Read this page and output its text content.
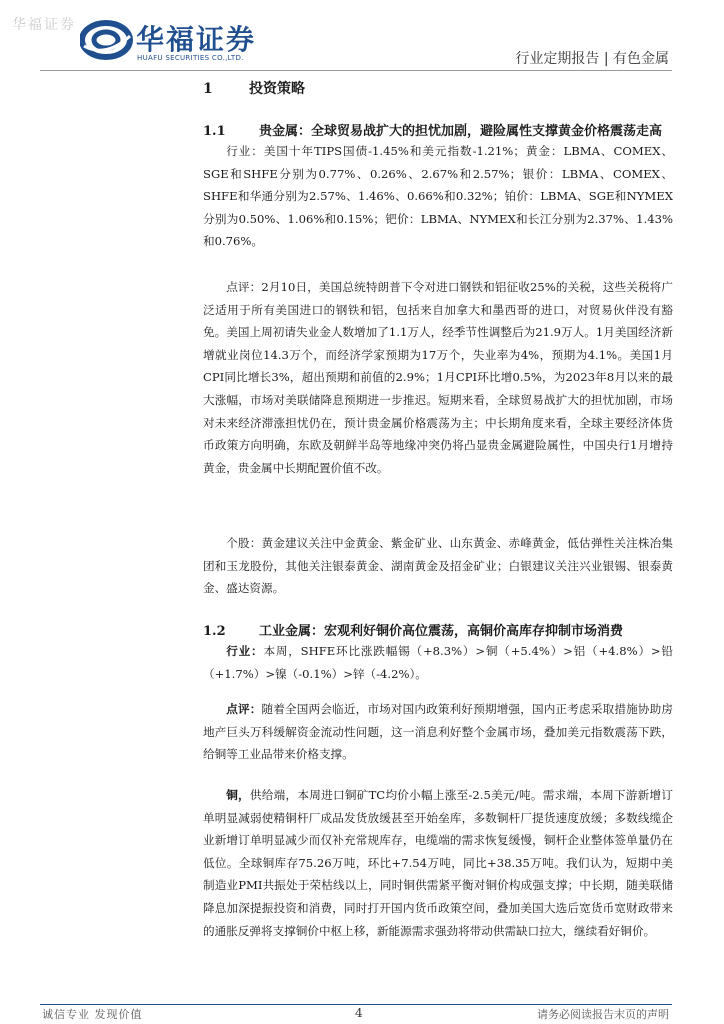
华福证券 华福证券
HUAFU SECURITIES CO.,LTD.	行业定期报告 | 有色金属
1	投资策略
1.1	贵金属：全球贸易战扩大的担忧加剧，避险属性支撑黄金价格震荡走高

行业：美国十年TIPS国债-1.45%和美元指数-1.21%；黄金：LBMA、COMEX、SGE和SHFE分别为0.77%、0.26%、2.67%和2.57%；银价：LBMA、COMEX、SHFE和华通分别为2.57%、1.46%、0.66%和0.32%；铂价：LBMA、SGE和NYMEX分别为0.50%、1.06%和0.15%；钯价：LBMA、NYMEX和长江分别为2.37%、1.43%和0.76%。

点评：2月10日，美国总统特朗普下令对进口钢铁和铝征收25%的关税，这些关税将广泛适用于所有美国进口的钢铁和铝，包括来自加拿大和墨西哥的进口，对贸易伙伴没有豁免。美国上周初请失业金人数增加了1.1万人，经季节性调整后为21.9万人。1月美国经济新增就业岗位14.3万个，而经济学家预期为17万个，失业率为4%，预期为4.1%。美国1月CPI同比增长3%，超出预期和前值的2.9%；1月CPI环比增0.5%，为2023年8月以来的最大涨幅，市场对美联储降息预期进一步推迟。短期来看，全球贸易战扩大的担忧加剧，市场对未来经济滞涨担忧仍在，预计贵金属价格震荡为主；中长期角度来看，全球主要经济体货币政策方向明确，东欧及朝鲜半岛等地缘冲突仍将凸显贵金属避险属性，中国央行1月增持黄金，贵金属中长期配置价值不改。

个股：黄金建议关注中金黄金、紫金矿业、山东黄金、赤峰黄金，低估弹性关注株冶集团和玉龙股份，其他关注银泰黄金、湖南黄金及招金矿业；白银建议关注兴业银锡、银泰黄金、盛达资源。

1.2	工业金属：宏观利好铜价高位震荡，高铜价高库存抑制市场消费

行业：本周，SHFE环比涨跌幅锡（+8.3%）>铜（+5.4%）>铝（+4.8%）>铅（+1.7%）>镍（-0.1%）>锌（-4.2%）。

点评：随着全国两会临近，市场对国内政策利好预期增强，国内正考虑采取措施协助房地产巨头万科缓解资金流动性问题，这一消息利好整个金属市场，叠加美元指数震荡下跌，给铜等工业品带来价格支撑。

铜，供给端，本周进口铜矿TC均价小幅上涨至-2.5美元/吨。需求端，本周下游新增订单明显减弱使精铜杆厂成品发货放缓甚至开始垒库，多数铜杆厂提货速度放缓；多数线缆企业新增订单明显减少而仅补充常规库存，电缆端的需求恢复缓慢，铜杆企业整体签单量仍在低位。全球铜库存75.26万吨，环比+7.54万吨，同比+38.35万吨。我们认为，短期中美制造业PMI共振处于荣枯线以上，同时铜供需紧平衡对铜价构成强支撑；中长期，随美联储降息加深提振投资和消费，同时打开国内货币政策空间，叠加美国大选后宽货币宽财政带来的通胀反弹将支撑铜价中枢上移，新能源需求强劲将带动供需缺口拉大，继续看好铜价。

诚信专业 发现价值	4	请务必阅读报告末页的声明
